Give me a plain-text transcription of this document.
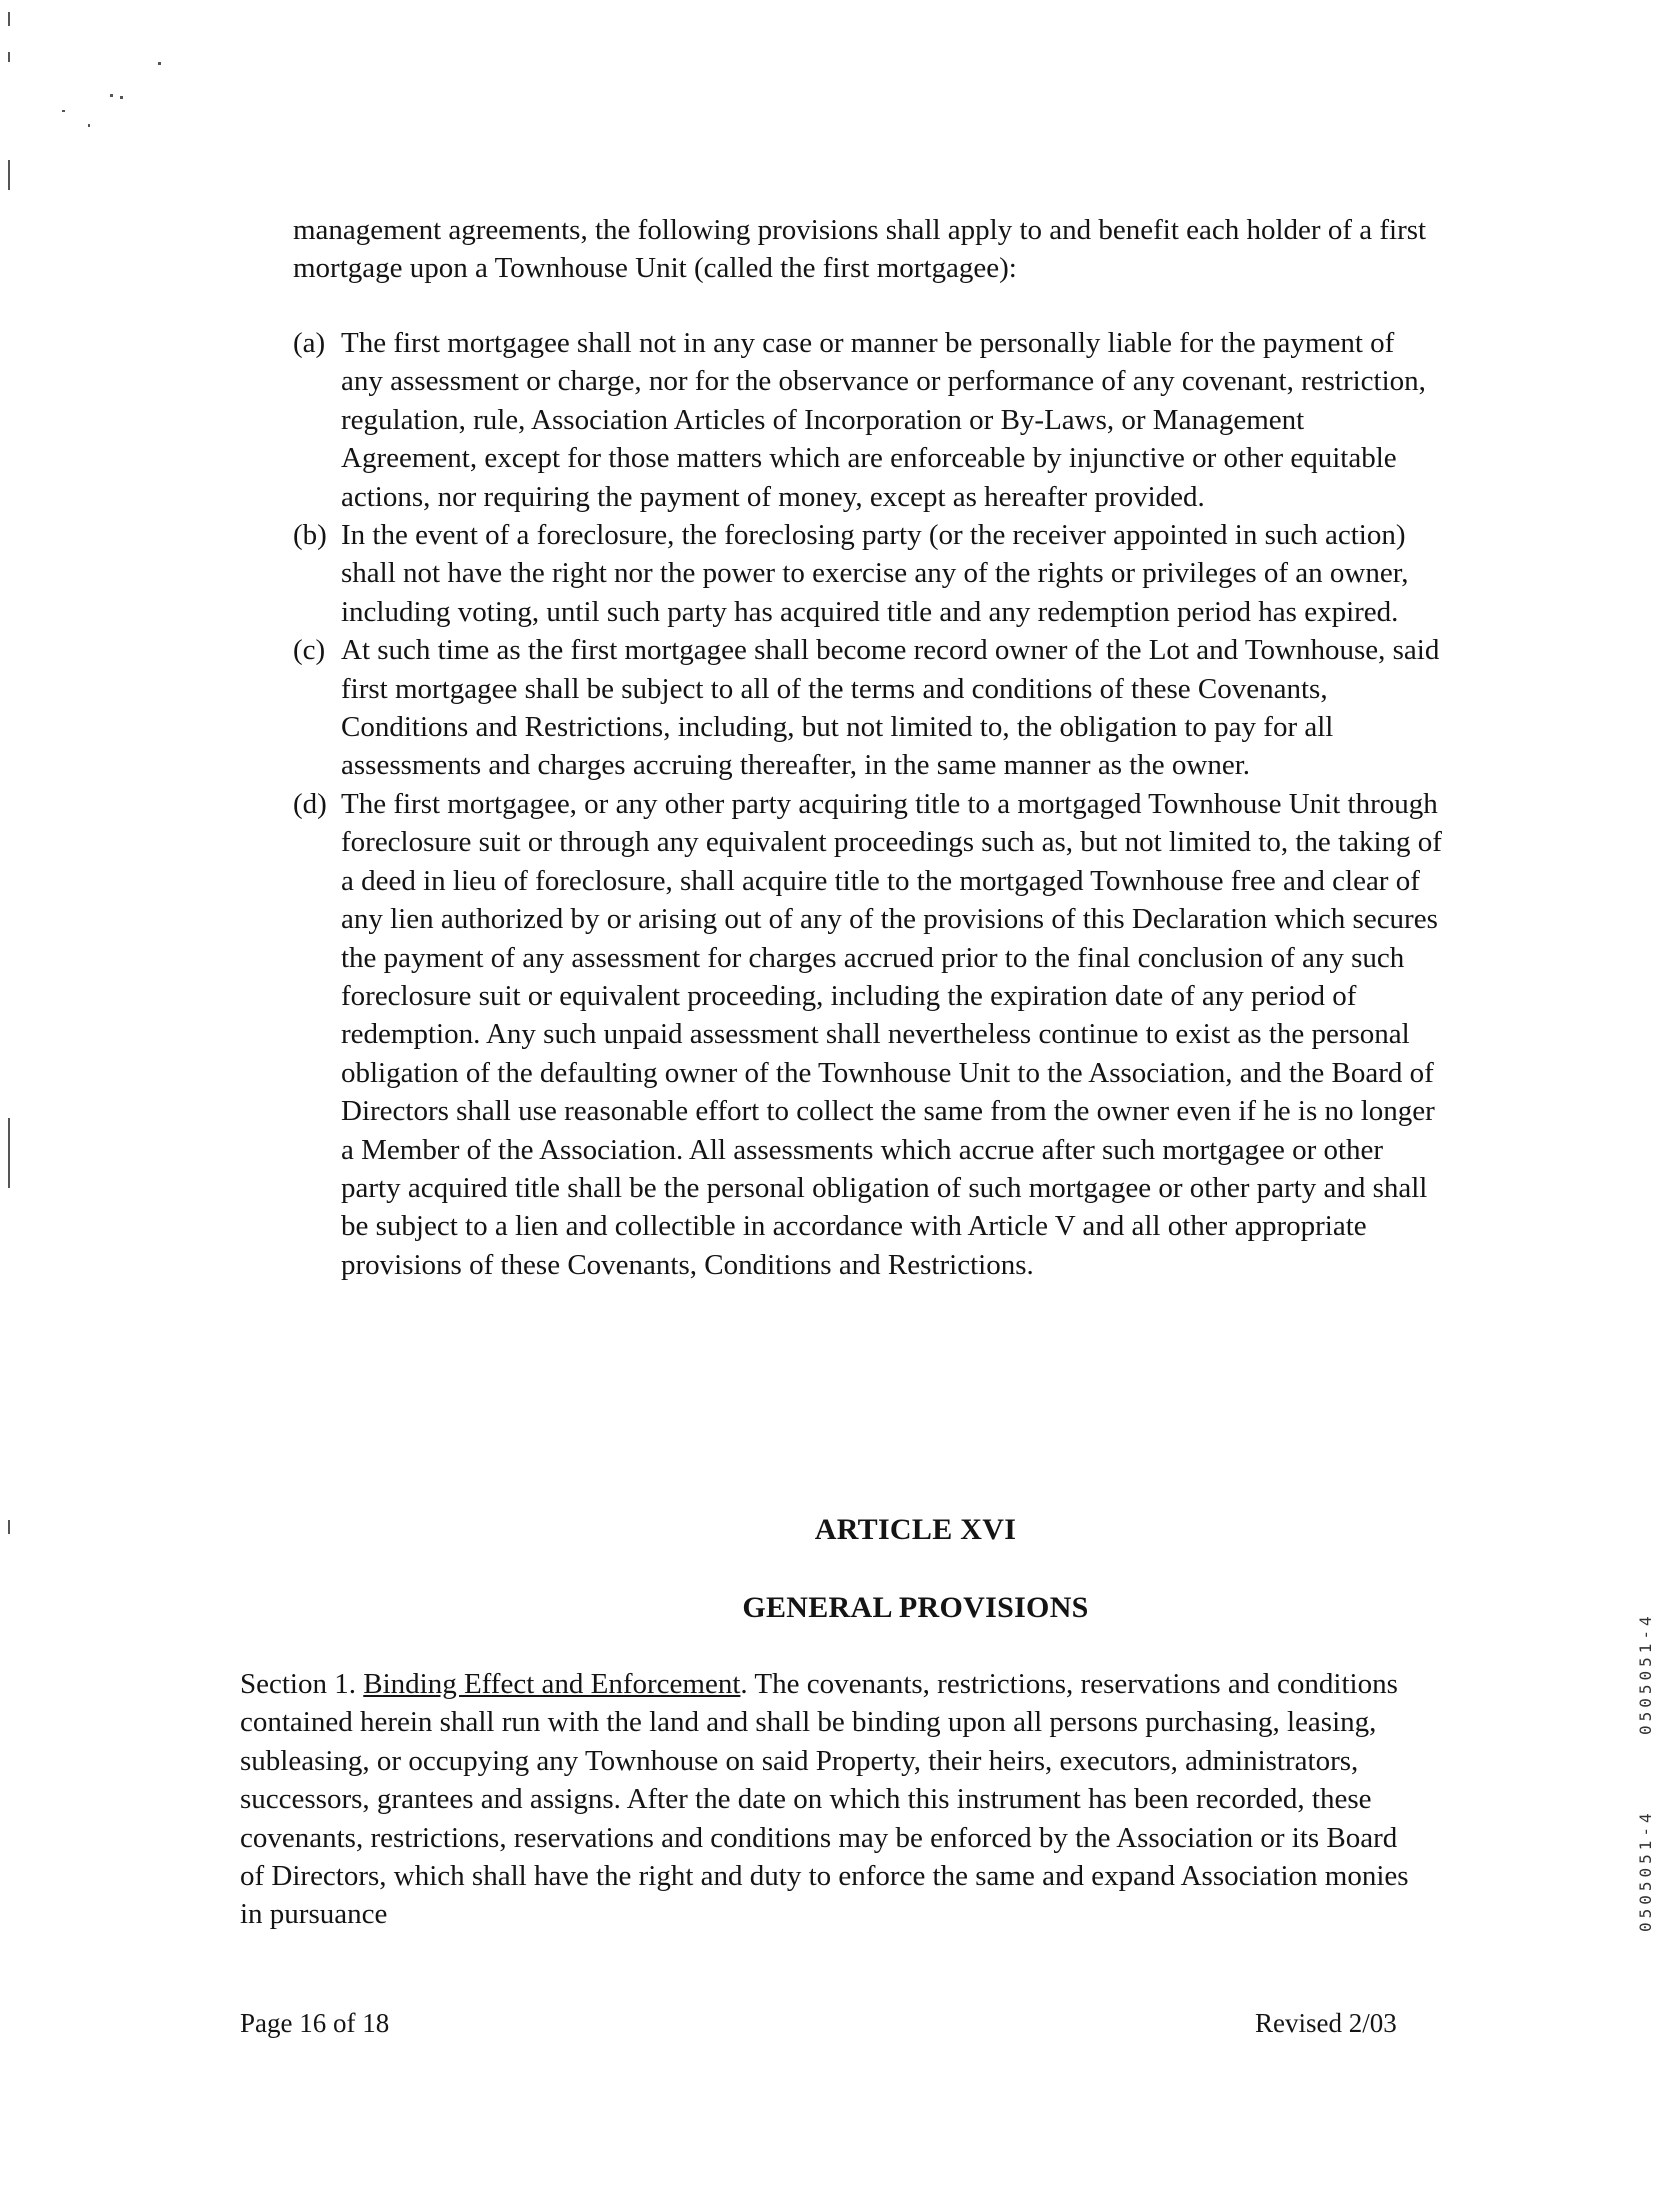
management agreements, the following provisions shall apply to and benefit each holder of a first mortgage upon a Townhouse Unit (called the first mortgagee):

(a) The first mortgagee shall not in any case or manner be personally liable for the payment of any assessment or charge, nor for the observance or performance of any covenant, restriction, regulation, rule, Association Articles of Incorporation or By-Laws, or Management Agreement, except for those matters which are enforceable by injunctive or other equitable actions, nor requiring the payment of money, except as hereafter provided.
(b) In the event of a foreclosure, the foreclosing party (or the receiver appointed in such action) shall not have the right nor the power to exercise any of the rights or privileges of an owner, including voting, until such party has acquired title and any redemption period has expired.
(c) At such time as the first mortgagee shall become record owner of the Lot and Townhouse, said first mortgagee shall be subject to all of the terms and conditions of these Covenants, Conditions and Restrictions, including, but not limited to, the obligation to pay for all assessments and charges accruing thereafter, in the same manner as the owner.
(d) The first mortgagee, or any other party acquiring title to a mortgaged Townhouse Unit through foreclosure suit or through any equivalent proceedings such as, but not limited to, the taking of a deed in lieu of foreclosure, shall acquire title to the mortgaged Townhouse free and clear of any lien authorized by or arising out of any of the provisions of this Declaration which secures the payment of any assessment for charges accrued prior to the final conclusion of any such foreclosure suit or equivalent proceeding, including the expiration date of any period of redemption. Any such unpaid assessment shall nevertheless continue to exist as the personal obligation of the defaulting owner of the Townhouse Unit to the Association, and the Board of Directors shall use reasonable effort to collect the same from the owner even if he is no longer a Member of the Association. All assessments which accrue after such mortgagee or other party acquired title shall be the personal obligation of such mortgagee or other party and shall be subject to a lien and collectible in accordance with Article V and all other appropriate provisions of these Covenants, Conditions and Restrictions.
ARTICLE XVI
GENERAL PROVISIONS

Section 1. Binding Effect and Enforcement. The covenants, restrictions, reservations and conditions contained herein shall run with the land and shall be binding upon all persons purchasing, leasing, subleasing, or occupying any Townhouse on said Property, their heirs, executors, administrators, successors, grantees and assigns. After the date on which this instrument has been recorded, these covenants, restrictions, reservations and conditions may be enforced by the Association or its Board of Directors, which shall have the right and duty to enforce the same and expand Association monies in pursuance

Page 16 of 18	Revised 2/03
0505051-4
0505051-4
